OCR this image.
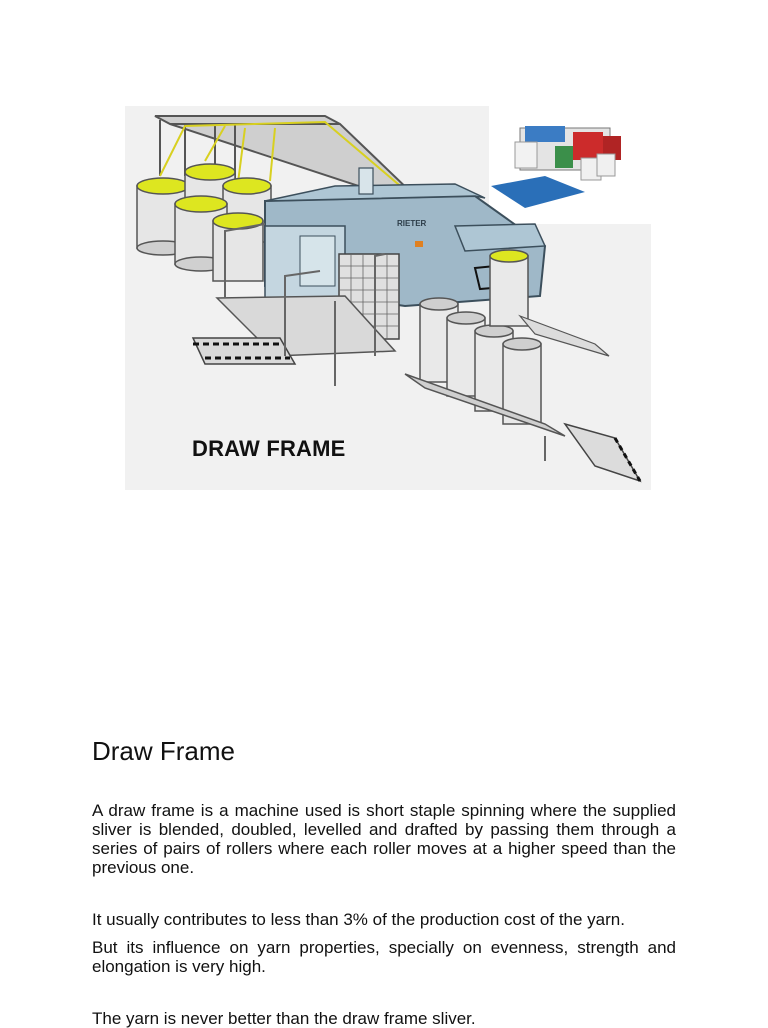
RIETER
DRAW FRAME
Draw Frame

A draw frame is a machine used is short staple spinning where the supplied sliver is blended, doubled, levelled and drafted by passing them through a series of pairs of rollers where each roller moves at a higher speed than the previous one.

It usually contributes to less than 3% of the production cost of the yarn.

But its influence on yarn properties, specially on evenness, strength and elongation is very high.

The yarn is never better than the draw frame sliver.
